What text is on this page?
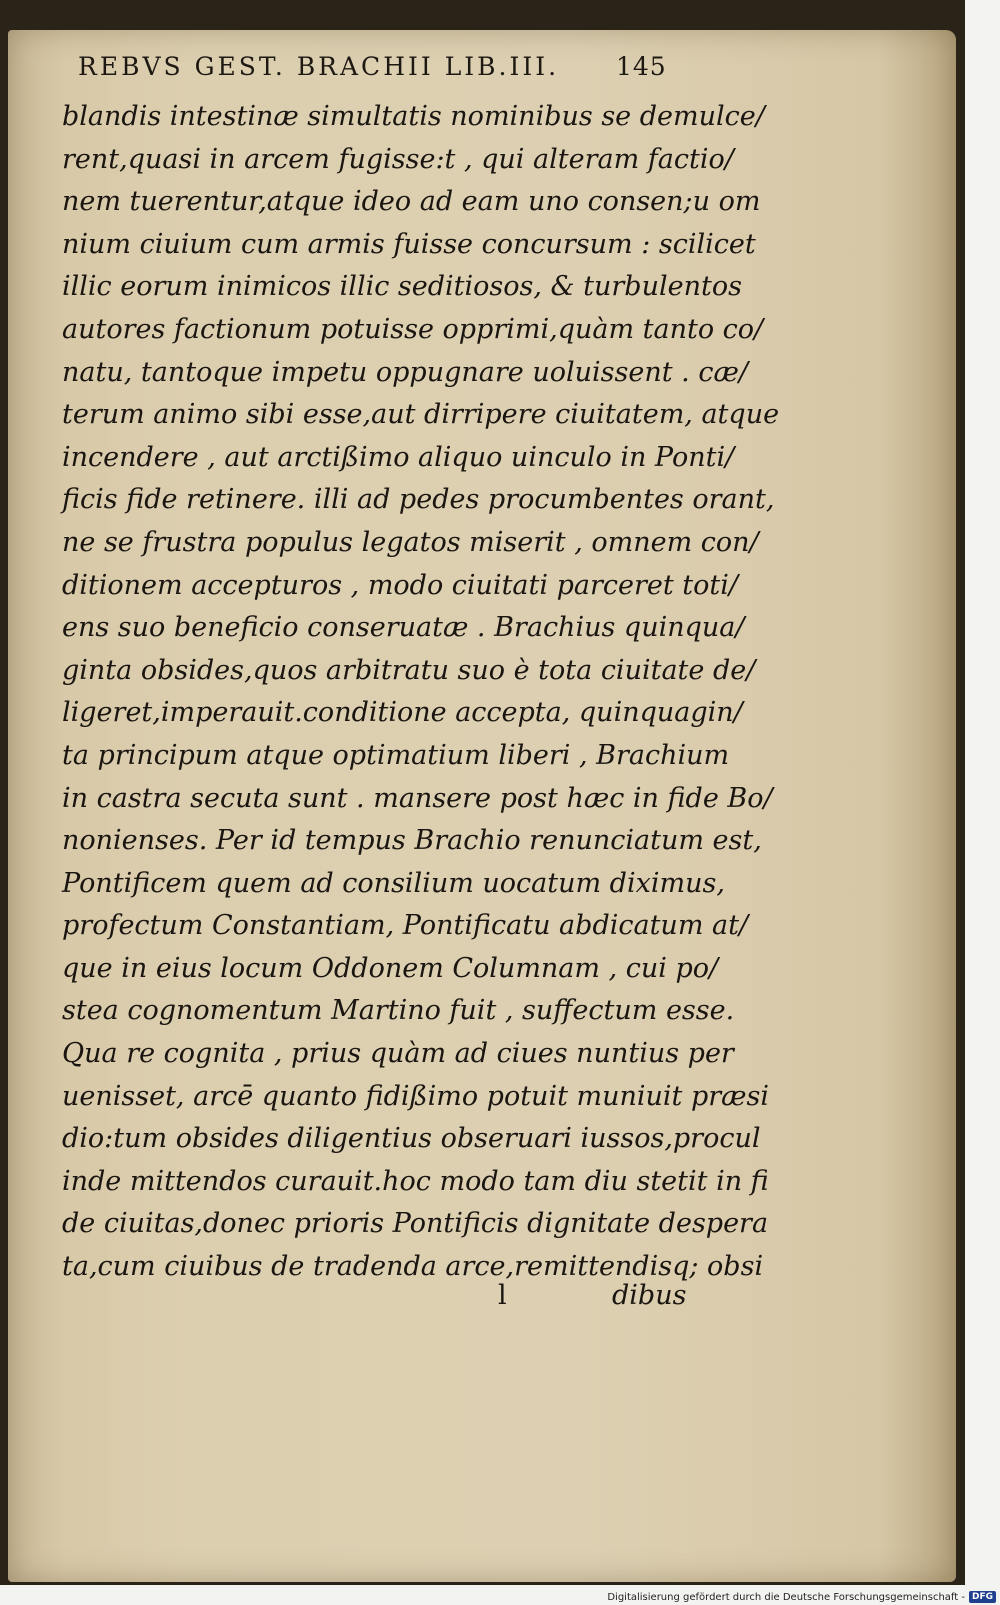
REBVS GEST. BRACHII LIB.III. 145
blandis intestinæ simultatis nominibus se demulce/
rent,quasi in arcem fugisse:t , qui alteram factio/
nem tuerentur,atque ideo ad eam uno consen;u om
nium ciuium cum armis fuisse concursum : scilicet
illic eorum inimicos illic seditiosos, & turbulentos
autores factionum potuisse opprimi,quàm tanto co/
natu, tantoque impetu oppugnare uoluissent . cæ/
terum animo sibi esse,aut dirripere ciuitatem, atque
incendere , aut arctißimo aliquo uinculo in Ponti/
ficis fide retinere. illi ad pedes procumbentes orant,
ne se frustra populus legatos miserit , omnem con/
ditionem accepturos , modo ciuitati parceret toti/
ens suo beneficio conseruatæ . Brachius quinqua/
ginta obsides,quos arbitratu suo è tota ciuitate de/
ligeret,imperauit.conditione accepta, quinquagin/
ta principum atque optimatium liberi , Brachium
in castra secuta sunt . mansere post hæc in fide Bo/
nonienses. Per id tempus Brachio renunciatum est,
Pontificem quem ad consilium uocatum diximus,
profectum Constantiam, Pontificatu abdicatum at/
que in eius locum Oddonem Columnam , cui po/
stea cognomentum Martino fuit , suffectum esse.
Qua re cognita , prius quàm ad ciues nuntius per
uenisset, arcē quanto fidißimo potuit muniuit præsi
dio:tum obsides diligentius obseruari iussos,procul
inde mittendos curauit.hoc modo tam diu stetit in fi
de ciuitas,donec prioris Pontificis dignitate despera
ta,cum ciuibus de tradenda arce,remittendisq; obsi
l	dibus
Digitalisierung gefördert durch die Deutsche Forschungsgemeinschaft - DFG
